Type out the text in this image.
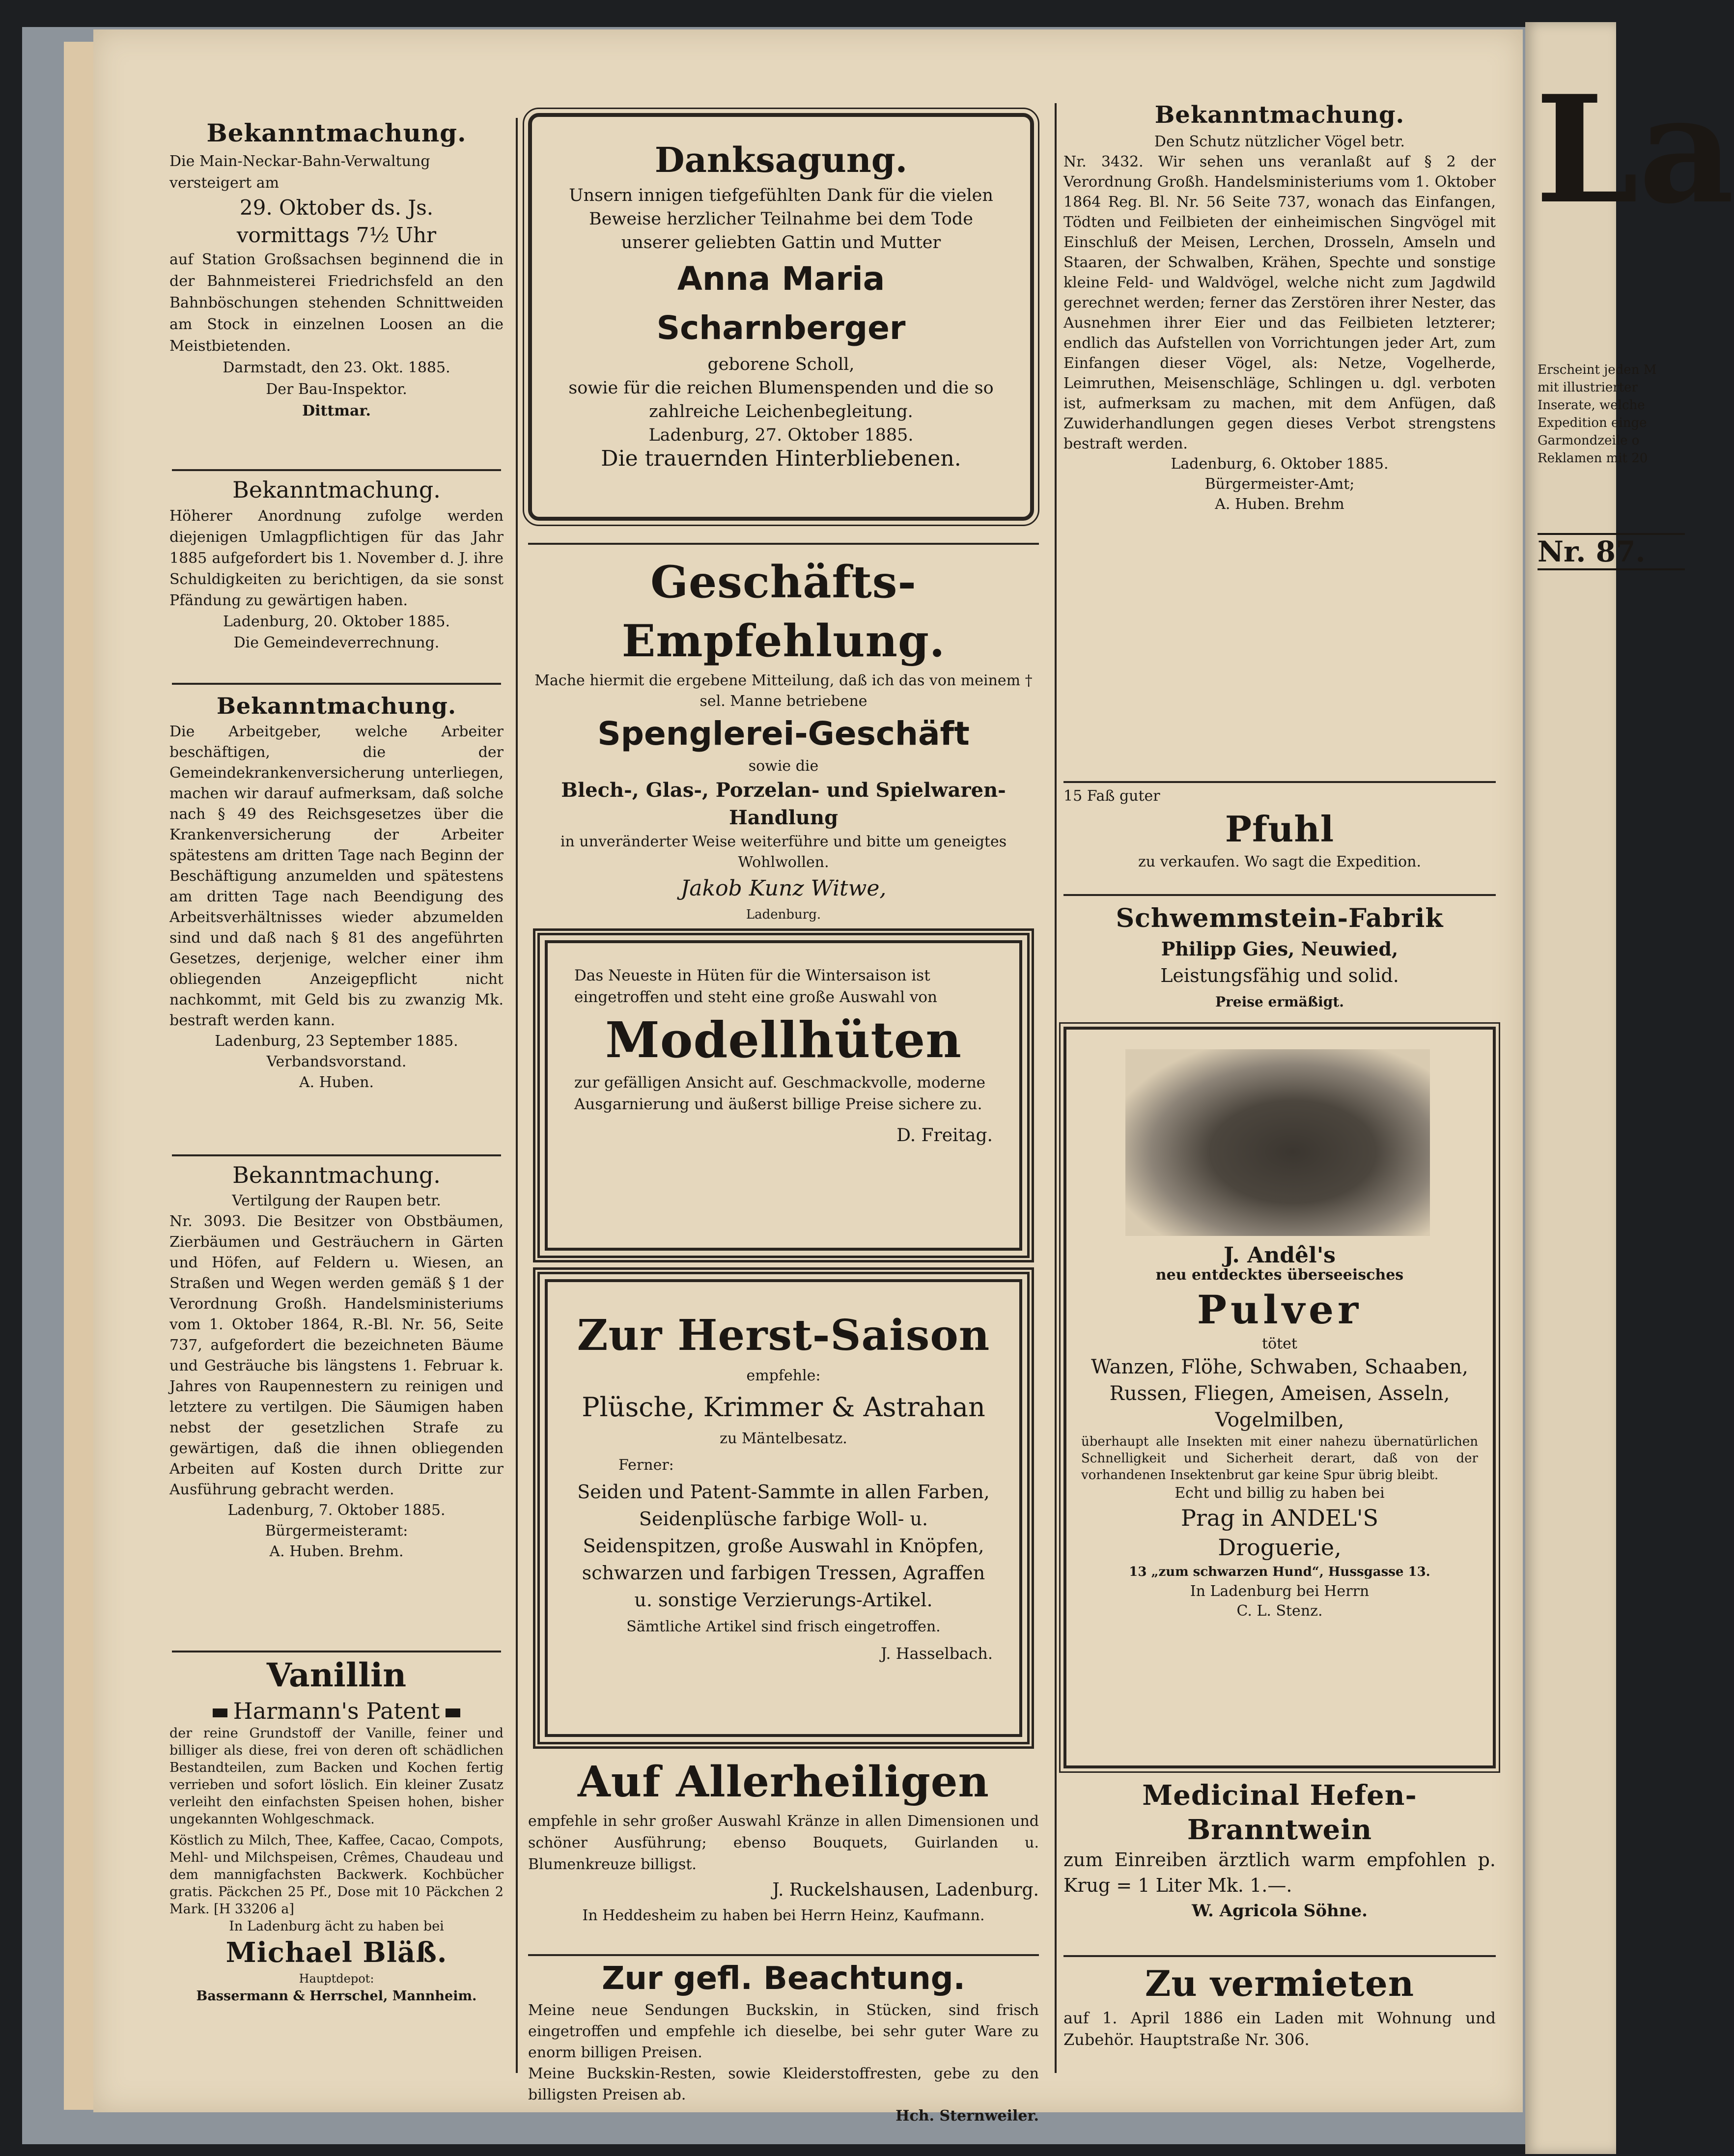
Bekanntmachung.
Die Main-Neckar-Bahn-Verwaltung versteigert am
29. Oktober ds. Js.
vormittags 7½ Uhr
auf Station Großsachsen beginnend die in der Bahnmeisterei Friedrichsfeld an den Bahnböschungen stehenden Schnittweiden am Stock in einzelnen Loosen an die Meistbietenden.
Darmstadt, den 23. Okt. 1885.
Der Bau-Inspektor.
Dittmar.
Bekanntmachung.
Höherer Anordnung zufolge werden diejenigen Umlagpflichtigen für das Jahr 1885 aufgefordert bis 1. November d. J. ihre Schuldigkeiten zu berichtigen, da sie sonst Pfändung zu gewärtigen haben.
Ladenburg, 20. Oktober 1885.
Die Gemeindeverrechnung.
Bekanntmachung.
Die Arbeitgeber, welche Arbeiter beschäftigen, die der Gemeindekrankenversicherung unterliegen, machen wir darauf aufmerksam, daß solche nach § 49 des Reichsgesetzes über die Krankenversicherung der Arbeiter spätestens am dritten Tage nach Beginn der Beschäftigung anzumelden und spätestens am dritten Tage nach Beendigung des Arbeitsverhältnisses wieder abzumelden sind und daß nach § 81 des angeführten Gesetzes, derjenige, welcher einer ihm obliegenden Anzeigepflicht nicht nachkommt, mit Geld bis zu zwanzig Mk. bestraft werden kann.
Ladenburg, 23 September 1885.
Verbandsvorstand.
A. Huben.
Bekanntmachung.
Vertilgung der Raupen betr.
Nr. 3093. Die Besitzer von Obstbäumen, Zierbäumen und Gesträuchern in Gärten und Höfen, auf Feldern u. Wiesen, an Straßen und Wegen werden gemäß § 1 der Verordnung Großh. Handelsministeriums vom 1. Oktober 1864, R.-Bl. Nr. 56, Seite 737, aufgefordert die bezeichneten Bäume und Gesträuche bis längstens 1. Februar k. Jahres von Raupennestern zu reinigen und letztere zu vertilgen. Die Säumigen haben nebst der gesetzlichen Strafe zu gewärtigen, daß die ihnen obliegenden Arbeiten auf Kosten durch Dritte zur Ausführung gebracht werden.
Ladenburg, 7. Oktober 1885.
Bürgermeisteramt:
A. Huben. Brehm.
Vanillin
Harmann's Patent
der reine Grundstoff der Vanille, feiner und billiger als diese, frei von deren oft schädlichen Bestandteilen, zum Backen und Kochen fertig verrieben und sofort löslich. Ein kleiner Zusatz verleiht den einfachsten Speisen hohen, bisher ungekannten Wohlgeschmack.
Köstlich zu Milch, Thee, Kaffee, Cacao, Compots, Mehl- und Milchspeisen, Crêmes, Chaudeau und dem mannigfachsten Backwerk. Kochbücher gratis. Päckchen 25 Pf., Dose mit 10 Päckchen 2 Mark. [H 33206 a]
In Ladenburg ächt zu haben bei
Michael Bläß.
Hauptdepot:
Bassermann & Herrschel, Mannheim.
Danksagung.
Unsern innigen tiefgefühlten Dank für die vielen Beweise herzlicher Teilnahme bei dem Tode unserer geliebten Gattin und Mutter
Anna Maria Scharnberger
geborene Scholl,
sowie für die reichen Blumenspenden und die so zahlreiche Leichenbegleitung.
Ladenburg, 27. Oktober 1885.
Die trauernden Hinterbliebenen.
Geschäfts-Empfehlung.
Mache hiermit die ergebene Mitteilung, daß ich das von meinem † sel. Manne betriebene
Spenglerei-Geschäft
sowie die
Blech-, Glas-, Porzelan- und Spielwaren-Handlung
in unveränderter Weise weiterführe und bitte um geneigtes Wohlwollen.
Jakob Kunz Witwe,
Ladenburg.
Das Neueste in Hüten für die Wintersaison ist eingetroffen und steht eine große Auswahl von
Modellhüten
zur gefälligen Ansicht auf. Geschmackvolle, moderne Ausgarnierung und äußerst billige Preise sichere zu.
D. Freitag.
Zur Herst-Saison
empfehle:
Plüsche, Krimmer & Astrahan
zu Mäntelbesatz.
Ferner:
Seiden und Patent-Sammte in allen Farben, Seidenplüsche farbige Woll- u. Seidenspitzen, große Auswahl in Knöpfen, schwarzen und farbigen Tressen, Agraffen u. sonstige Verzierungs-Artikel.
Sämtliche Artikel sind frisch eingetroffen.
J. Hasselbach.
Auf Allerheiligen
empfehle in sehr großer Auswahl Kränze in allen Dimensionen und schöner Ausführung; ebenso Bouquets, Guirlanden u. Blumenkreuze billigst.
J. Ruckelshausen, Ladenburg.
In Heddesheim zu haben bei Herrn Heinz, Kaufmann.
Zur gefl. Beachtung.
Meine neue Sendungen Buckskin, in Stücken, sind frisch eingetroffen und empfehle ich dieselbe, bei sehr guter Ware zu enorm billigen Preisen.
Meine Buckskin-Resten, sowie Kleiderstoffresten, gebe zu den billigsten Preisen ab.
Hch. Sternweiler.
Bekanntmachung.
Den Schutz nützlicher Vögel betr.
Nr. 3432. Wir sehen uns veranlaßt auf § 2 der Verordnung Großh. Handelsministeriums vom 1. Oktober 1864 Reg. Bl. Nr. 56 Seite 737, wonach das Einfangen, Tödten und Feilbieten der einheimischen Singvögel mit Einschluß der Meisen, Lerchen, Drosseln, Amseln und Staaren, der Schwalben, Krähen, Spechte und sonstige kleine Feld- und Waldvögel, welche nicht zum Jagdwild gerechnet werden; ferner das Zerstören ihrer Nester, das Ausnehmen ihrer Eier und das Feilbieten letzterer; endlich das Aufstellen von Vorrichtungen jeder Art, zum Einfangen dieser Vögel, als: Netze, Vogelherde, Leimruthen, Meisenschläge, Schlingen u. dgl. verboten ist, aufmerksam zu machen, mit dem Anfügen, daß Zuwiderhandlungen gegen dieses Verbot strengstens bestraft werden.
Ladenburg, 6. Oktober 1885.
Bürgermeister-Amt;
A. Huben. Brehm
15 Faß guter
Pfuhl
zu verkaufen. Wo sagt die Expedition.
Schwemmstein-Fabrik
Philipp Gies, Neuwied,
Leistungsfähig und solid.
Preise ermäßigt.
J. Andêl's
neu entdecktes überseeisches
Pulver
tötet
Wanzen, Flöhe, Schwaben, Schaaben, Russen, Fliegen, Ameisen, Asseln, Vogelmilben,
überhaupt alle Insekten mit einer nahezu übernatürlichen Schnelligkeit und Sicherheit derart, daß von der vorhandenen Insektenbrut gar keine Spur übrig bleibt.
Echt und billig zu haben bei
Prag in ANDEL'S
Droguerie,
13 „zum schwarzen Hund“, Hussgasse 13.
In Ladenburg bei Herrn
C. L. Stenz.
Medicinal Hefen-
Branntwein
zum Einreiben ärztlich warm empfohlen p. Krug = 1 Liter Mk. 1.—.
W. Agricola Söhne.
Zu vermieten
auf 1. April 1886 ein Laden mit Wohnung und Zubehör. Hauptstraße Nr. 306.
La
Erscheint jeden M
mit illustrierter
Inserate, welche
Expedition einge
Garmondzeile o
Reklamen mit 20
Nr. 87.
